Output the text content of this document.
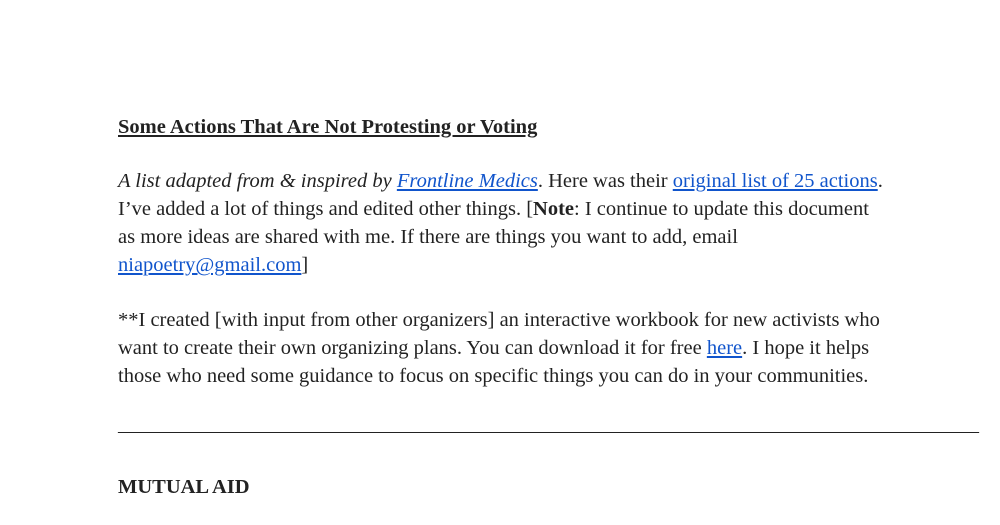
Some Actions That Are Not Protesting or Voting

A list adapted from & inspired by Frontline Medics. Here was their original list of 25 actions. I’ve added a lot of things and edited other things. [Note: I continue to update this document as more ideas are shared with me. If there are things you want to add, email niapoetry@gmail.com]

**I created [with input from other organizers] an interactive workbook for new activists who want to create their own organizing plans. You can download it for free here. I hope it helps those who need some guidance to focus on specific things you can do in your communities.

——————————————————————————————————————————
MUTUAL AID
